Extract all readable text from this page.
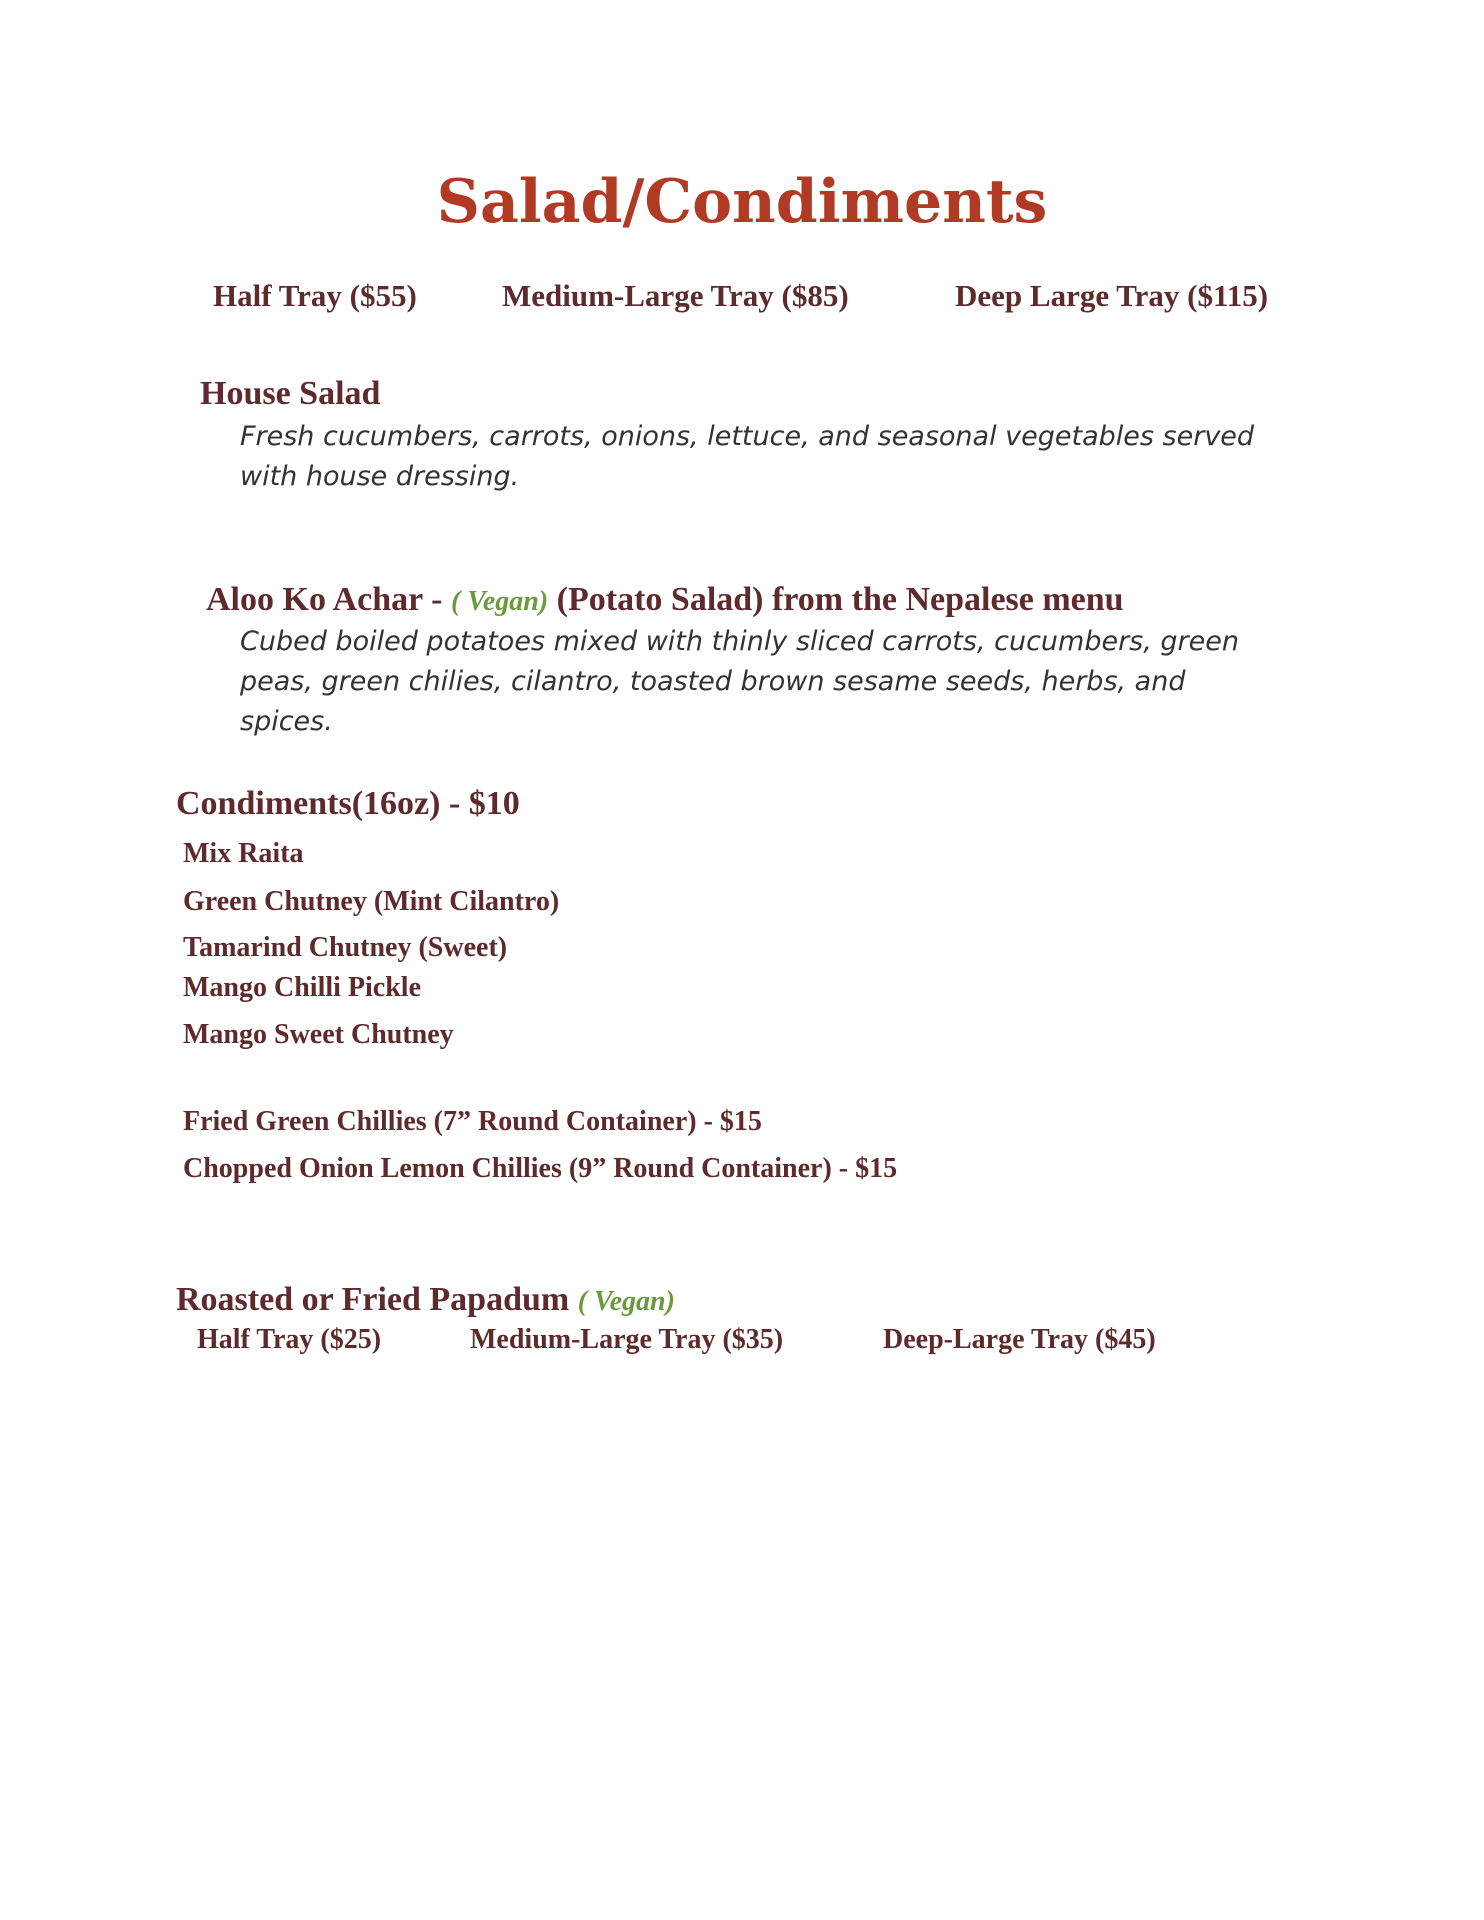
Salad/Condiments
Half Tray ($55)	Medium-Large Tray ($85)	Deep Large Tray ($115)
House Salad
Fresh cucumbers, carrots, onions, lettuce, and seasonal vegetables served with house dressing.
Aloo Ko Achar - ( Vegan) (Potato Salad) from the Nepalese menu
Cubed boiled potatoes mixed with thinly sliced carrots, cucumbers, green peas, green chilies, cilantro, toasted brown sesame seeds, herbs, and spices.
Condiments(16oz) - $10
Mix Raita
Green Chutney (Mint Cilantro)
Tamarind Chutney (Sweet)
Mango Chilli Pickle
Mango Sweet Chutney
Fried Green Chillies (7” Round Container) - $15
Chopped Onion Lemon Chillies (9” Round Container) - $15
Roasted or Fried Papadum ( Vegan)
Half Tray ($25)	Medium-Large Tray ($35)	Deep-Large Tray ($45)
